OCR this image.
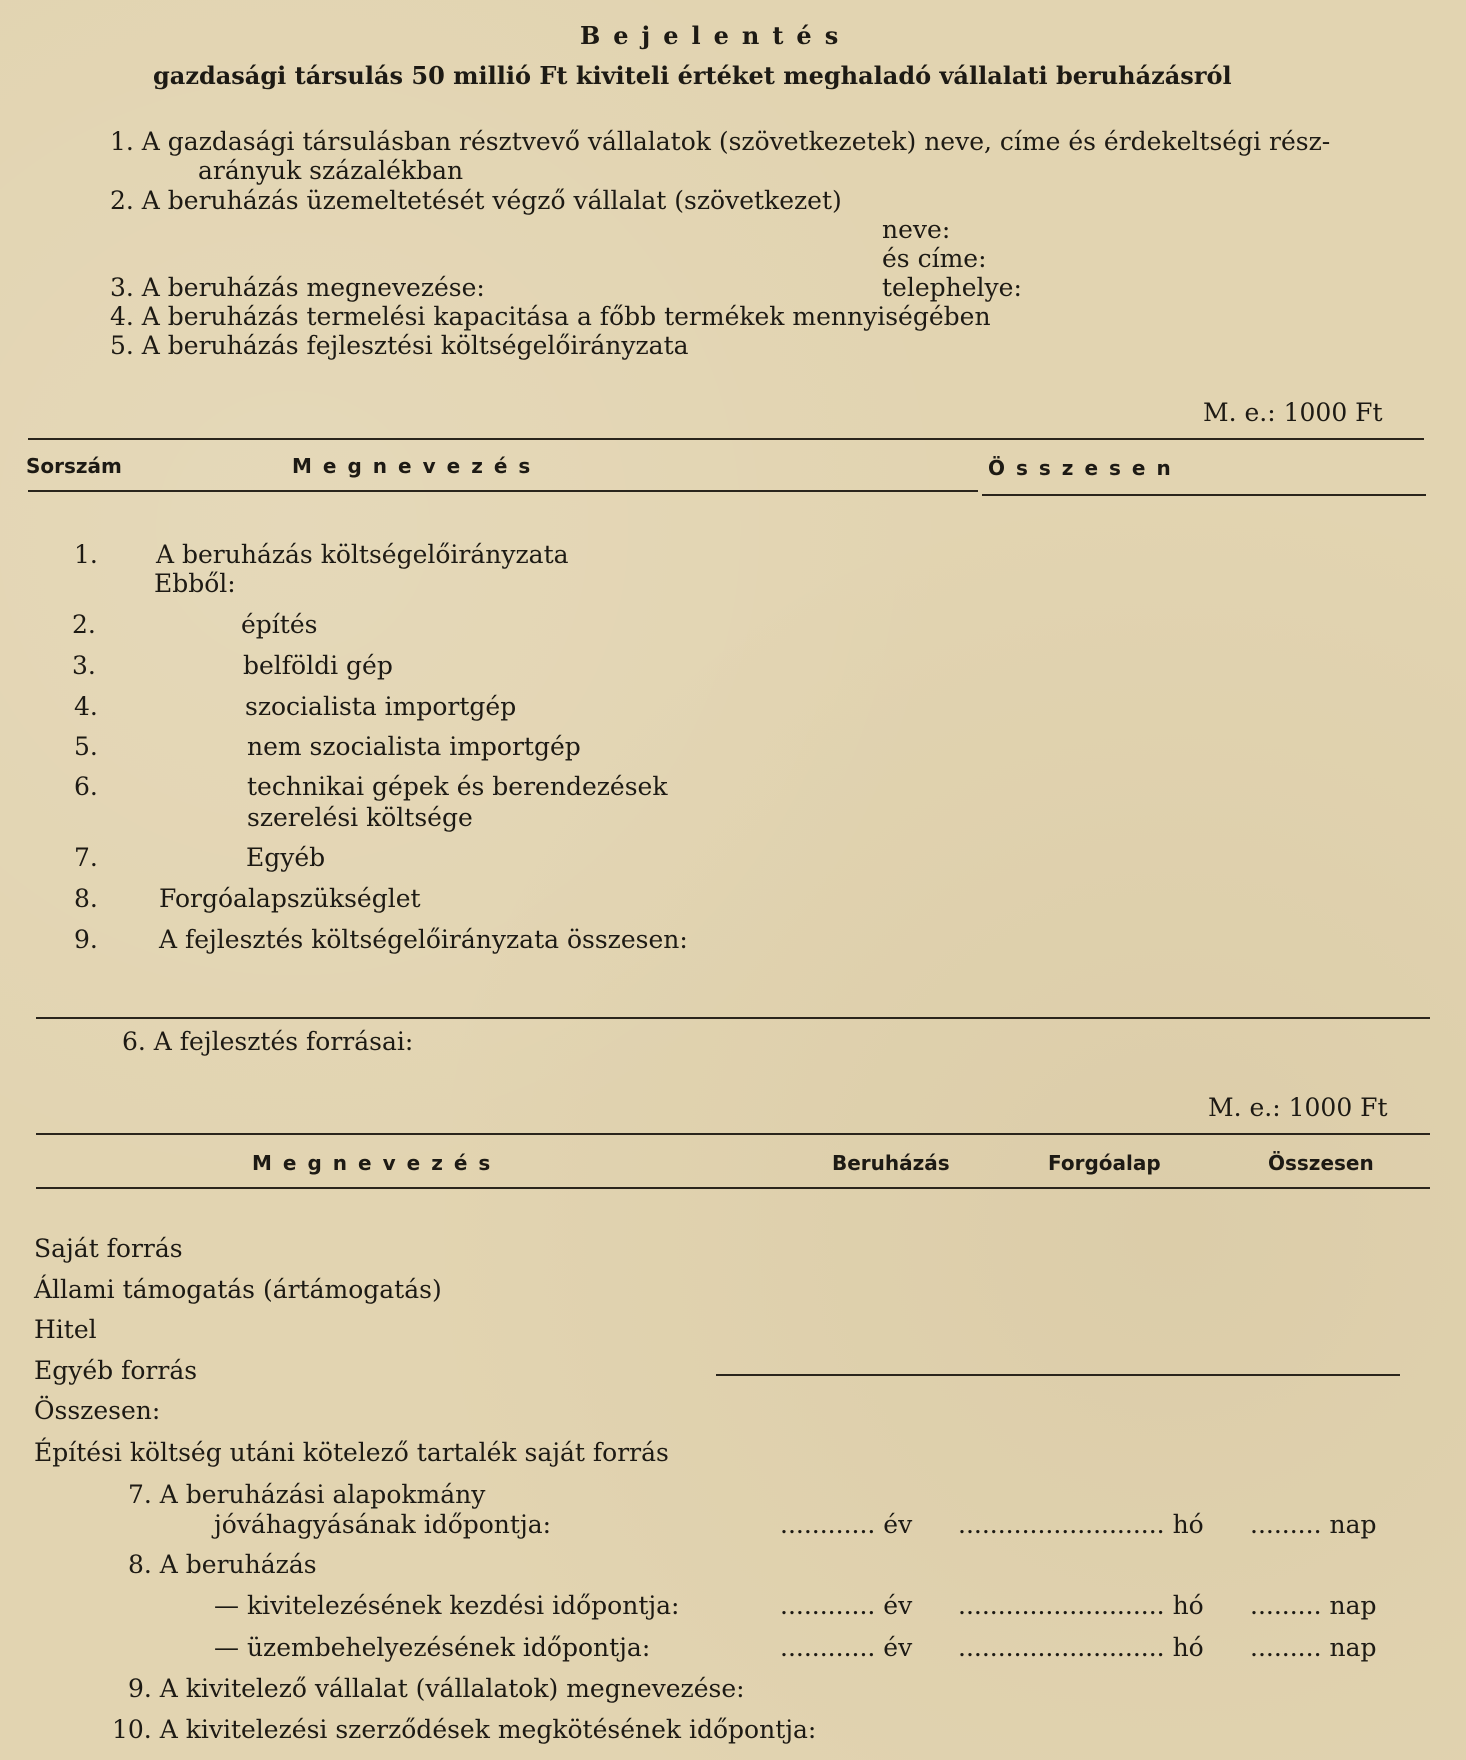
Bejelentés
gazdasági társulás 50 millió Ft kiviteli értéket meghaladó vállalati beruházásról
1. A gazdasági társulásban résztvevő vállalatok (szövetkezetek) neve, címe és érdekeltségi rész-
arányuk százalékban
2. A beruházás üzemeltetését végző vállalat (szövetkezet)
neve:
és címe:
3. A beruházás megnevezése:	telephelye:
4. A beruházás termelési kapacitása a főbb termékek mennyiségében
5. A beruházás fejlesztési költségelőirányzata
M. e.: 1000 Ft
Sorszám	Megnevezés	Összesen
1. A beruházás költségelőirányzata
Ebből:
2.	építés
3.	belföldi gép
4.	szocialista importgép
5.	nem szocialista importgép
6.	technikai gépek és berendezések
szerelési költsége
7.	Egyéb
8. Forgóalapszükséglet
9. A fejlesztés költségelőirányzata összesen:
6. A fejlesztés forrásai:
M. e.: 1000 Ft
Megnevezés	Beruházás	Forgóalap	Összesen
Saját forrás
Állami támogatás (ártámogatás)
Hitel
Egyéb forrás
Összesen:
Építési költség utáni kötelező tartalék saját forrás
7. A beruházási alapokmány
jóváhagyásának időpontja:	............ év .......................... hó ......... nap
8. A beruházás
— kivitelezésének kezdési időpontja:	............ év .......................... hó ......... nap
— üzembehelyezésének időpontja:	............ év .......................... hó ......... nap
9. A kivitelező vállalat (vállalatok) megnevezése:
10. A kivitelezési szerződések megkötésének időpontja:
